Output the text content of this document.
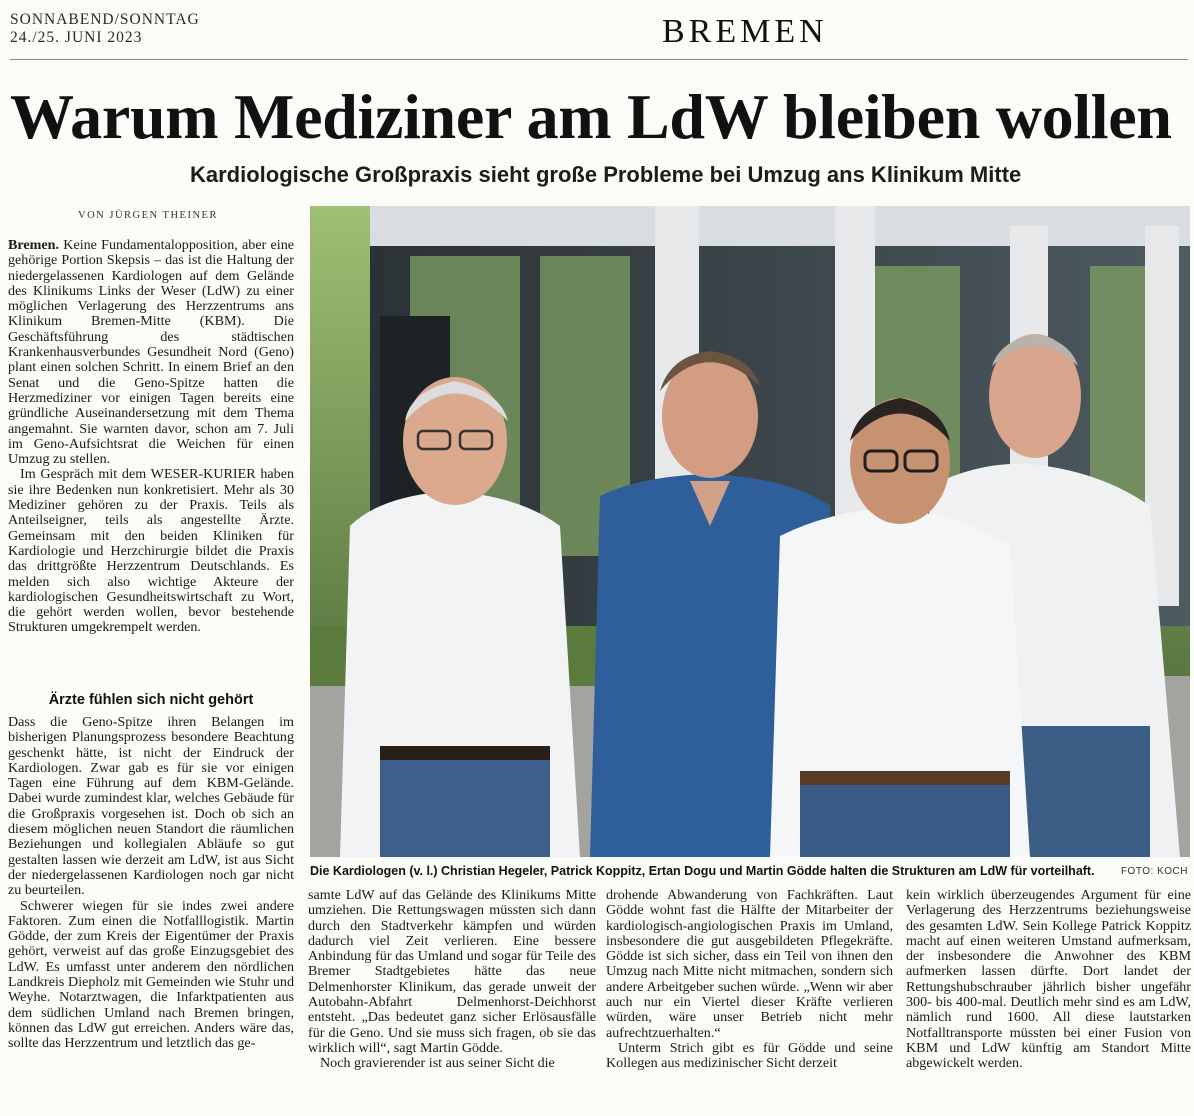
SONNABEND/SONNTAG
24./25. JUNI 2023	BREMEN
Warum Mediziner am LdW bleiben wollen
Kardiologische Großpraxis sieht große Probleme bei Umzug ans Klinikum Mitte
VON JÜRGEN THEINER

Bremen. Keine Fundamentalopposition, aber eine gehörige Portion Skepsis – das ist die Haltung der niedergelassenen Kardiologen auf dem Gelände des Klinikums Links der Weser (LdW) zu einer möglichen Verlagerung des Herzzentrums ans Klinikum Bremen-Mitte (KBM). Die Geschäftsführung des städtischen Krankenhausverbundes Gesundheit Nord (Geno) plant einen solchen Schritt. In einem Brief an den Senat und die Geno-Spitze hatten die Herzmediziner vor einigen Tagen bereits eine gründliche Auseinandersetzung mit dem Thema angemahnt. Sie warnten davor, schon am 7. Juli im Geno-Aufsichtsrat die Weichen für einen Umzug zu stellen.

Im Gespräch mit dem WESER-KURIER haben sie ihre Bedenken nun konkretisiert. Mehr als 30 Mediziner gehören zu der Praxis. Teils als Anteilseigner, teils als angestellte Ärzte. Gemeinsam mit den beiden Kliniken für Kardiologie und Herzchirurgie bildet die Praxis das drittgrößte Herzzentrum Deutschlands. Es melden sich also wichtige Akteure der kardiologischen Gesundheitswirtschaft zu Wort, die gehört werden wollen, bevor bestehende Strukturen umgekrempelt werden.

Ärzte fühlen sich nicht gehört

Dass die Geno-Spitze ihren Belangen im bisherigen Planungsprozess besondere Beachtung geschenkt hätte, ist nicht der Eindruck der Kardiologen. Zwar gab es für sie vor einigen Tagen eine Führung auf dem KBM-Gelände. Dabei wurde zumindest klar, welches Gebäude für die Großpraxis vorgesehen ist. Doch ob sich an diesem möglichen neuen Standort die räumlichen Beziehungen und kollegialen Abläufe so gut gestalten lassen wie derzeit am LdW, ist aus Sicht der niedergelassenen Kardiologen noch gar nicht zu beurteilen.

Schwerer wiegen für sie indes zwei andere Faktoren. Zum einen die Notfalllogistik. Martin Gödde, der zum Kreis der Eigentümer der Praxis gehört, verweist auf das große Einzugsgebiet des LdW. Es umfasst unter anderem den nördlichen Landkreis Diepholz mit Gemeinden wie Stuhr und Weyhe. Notarztwagen, die Infarktpatienten aus dem südlichen Umland nach Bremen bringen, können das LdW gut erreichen. Anders wäre das, sollte das Herzzentrum und letztlich das ge-

Die Kardiologen (v. l.) Christian Hegeler, Patrick Koppitz, Ertan Dogu und Martin Gödde halten die Strukturen am LdW für vorteilhaft.	FOTO: KOCH

samte LdW auf das Gelände des Klinikums Mitte umziehen. Die Rettungswagen müssten sich dann durch den Stadtverkehr kämpfen und würden dadurch viel Zeit verlieren. Eine bessere Anbindung für das Umland und sogar für Teile des Bremer Stadtgebietes hätte das neue Delmenhorster Klinikum, das gerade unweit der Autobahn-Abfahrt Delmenhorst-Deichhorst entsteht. „Das bedeutet ganz sicher Erlösausfälle für die Geno. Und sie muss sich fragen, ob sie das wirklich will“, sagt Martin Gödde.

Noch gravierender ist aus seiner Sicht die

drohende Abwanderung von Fachkräften. Laut Gödde wohnt fast die Hälfte der Mitarbeiter der kardiologisch-angiologischen Praxis im Umland, insbesondere die gut ausgebildeten Pflegekräfte. Gödde ist sich sicher, dass ein Teil von ihnen den Umzug nach Mitte nicht mitmachen, sondern sich andere Arbeitgeber suchen würde. „Wenn wir aber auch nur ein Viertel dieser Kräfte verlieren würden, wäre unser Betrieb nicht mehr aufrechtzuerhalten.“

Unterm Strich gibt es für Gödde und seine Kollegen aus medizinischer Sicht derzeit

kein wirklich überzeugendes Argument für eine Verlagerung des Herzzentrums beziehungsweise des gesamten LdW. Sein Kollege Patrick Koppitz macht auf einen weiteren Umstand aufmerksam, der insbesondere die Anwohner des KBM aufmerken lassen dürfte. Dort landet der Rettungshubschrauber jährlich bisher ungefähr 300- bis 400-mal. Deutlich mehr sind es am LdW, nämlich rund 1600. All diese lautstarken Notfalltransporte müssten bei einer Fusion von KBM und LdW künftig am Standort Mitte abgewickelt werden.
